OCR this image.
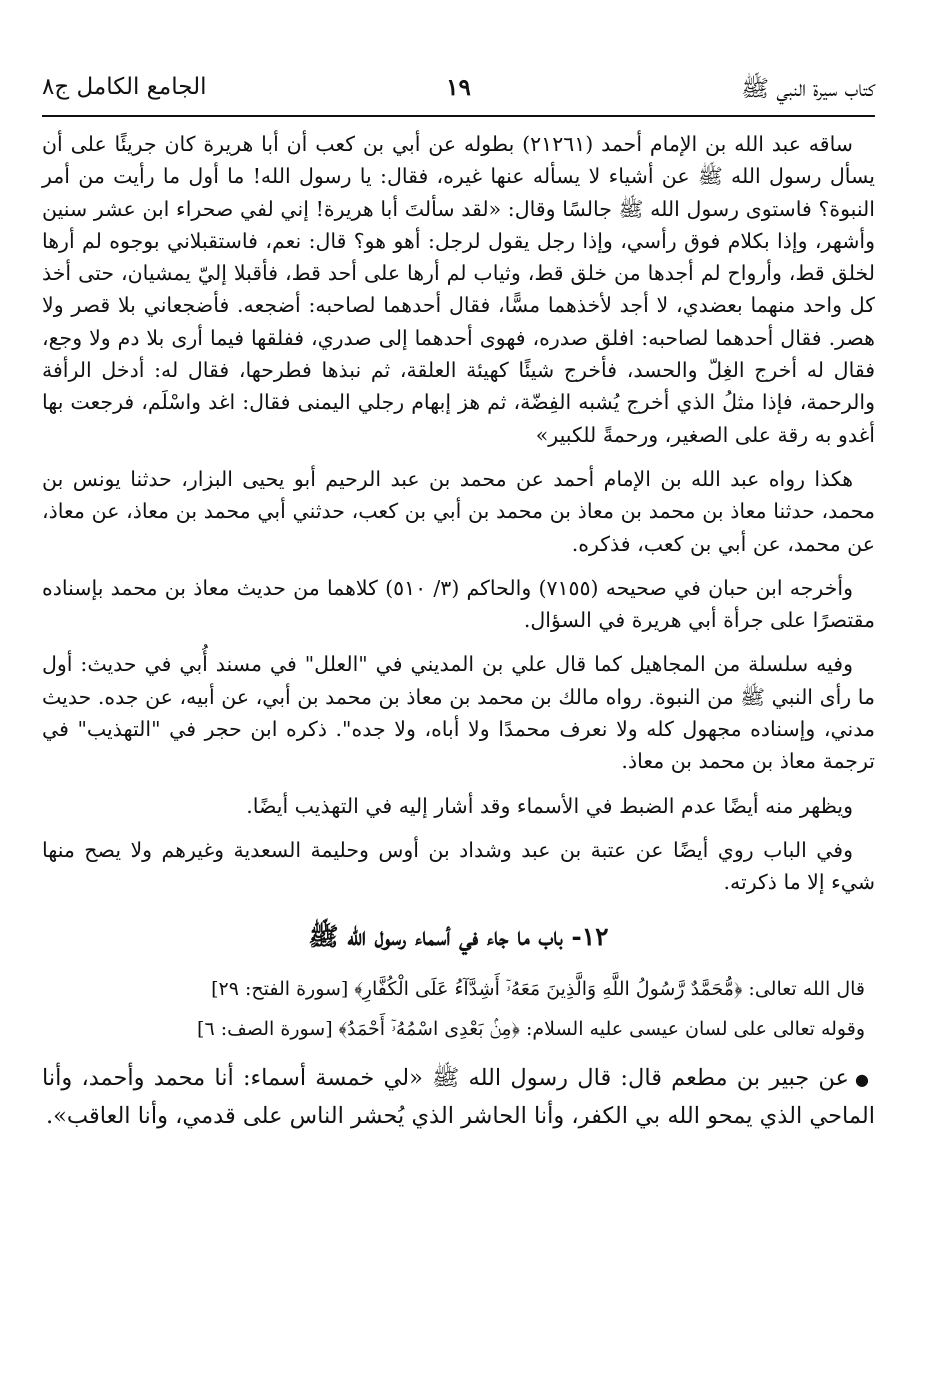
كتاب سيرة النبي ﷺ
١٩
الجامع الكامل ج٨

ساقه عبد الله بن الإمام أحمد (٢١٢٦١) بطوله عن أبي بن كعب أن أبا هريرة كان جريئًا على أن يسأل رسول الله ﷺ عن أشياء لا يسأله عنها غيره، فقال: يا رسول الله! ما أول ما رأيت من أمر النبوة؟ فاستوى رسول الله ﷺ جالسًا وقال: «لقد سألتَ أبا هريرة! إني لفي صحراء ابن عشر سنين وأشهر، وإذا بكلام فوق رأسي، وإذا رجل يقول لرجل: أهو هو؟ قال: نعم، فاستقبلاني بوجوه لم أرها لخلق قط، وأرواح لم أجدها من خلق قط، وثياب لم أرها على أحد قط، فأقبلا إليّ يمشيان، حتى أخذ كل واحد منهما بعضدي، لا أجد لأخذهما مسًّا، فقال أحدهما لصاحبه: أضجعه. فأضجعاني بلا قصر ولا هصر. فقال أحدهما لصاحبه: افلق صدره، فهوى أحدهما إلى صدري، ففلقها فيما أرى بلا دم ولا وجع، فقال له أخرج الغِلّ والحسد، فأخرج شيئًا كهيئة العلقة، ثم نبذها فطرحها، فقال له: أدخل الرأفة والرحمة، فإذا مثلُ الذي أخرج يُشبه الفِضّة، ثم هز إبهام رجلي اليمنى فقال: اغد واسْلَم، فرجعت بها أغدو به رقة على الصغير، ورحمةً للكبير»

هكذا رواه عبد الله بن الإمام أحمد عن محمد بن عبد الرحيم أبو يحيى البزار، حدثنا يونس بن محمد، حدثنا معاذ بن محمد بن معاذ بن محمد بن أبي بن كعب، حدثني أبي محمد بن معاذ، عن معاذ، عن محمد، عن أبي بن كعب، فذكره.

وأخرجه ابن حبان في صحيحه (٧١٥٥) والحاكم (٣/ ٥١٠) كلاهما من حديث معاذ بن محمد بإسناده مقتصرًا على جرأة أبي هريرة في السؤال.

وفيه سلسلة من المجاهيل كما قال علي بن المديني في "العلل" في مسند أُبي في حديث: أول ما رأى النبي ﷺ من النبوة. رواه مالك بن محمد بن معاذ بن محمد بن أبي، عن أبيه، عن جده. حديث مدني، وإسناده مجهول كله ولا نعرف محمدًا ولا أباه، ولا جده". ذكره ابن حجر في "التهذيب" في ترجمة معاذ بن محمد بن معاذ.

ويظهر منه أيضًا عدم الضبط في الأسماء وقد أشار إليه في التهذيب أيضًا.

وفي الباب روي أيضًا عن عتبة بن عبد وشداد بن أوس وحليمة السعدية وغيرهم ولا يصح منها شيء إلا ما ذكرته.

١٢- باب ما جاء في أسماء رسول الله ﷺ

قال الله تعالى: ﴿مُّحَمَّدٌ رَّسُولُ اللَّهِ وَالَّذِينَ مَعَهُۥٓ أَشِدَّآءُ عَلَى الْكُفَّارِ﴾ [سورة الفتح: ٢٩]

وقوله تعالى على لسان عيسى عليه السلام: ﴿مِنۢ بَعْدِى اسْمُهُۥٓ أَحْمَدُ﴾ [سورة الصف: ٦]

●عن جبير بن مطعم قال: قال رسول الله ﷺ «لي خمسة أسماء: أنا محمد وأحمد، وأنا الماحي الذي يمحو الله بي الكفر، وأنا الحاشر الذي يُحشر الناس على قدمي، وأنا العاقب».
